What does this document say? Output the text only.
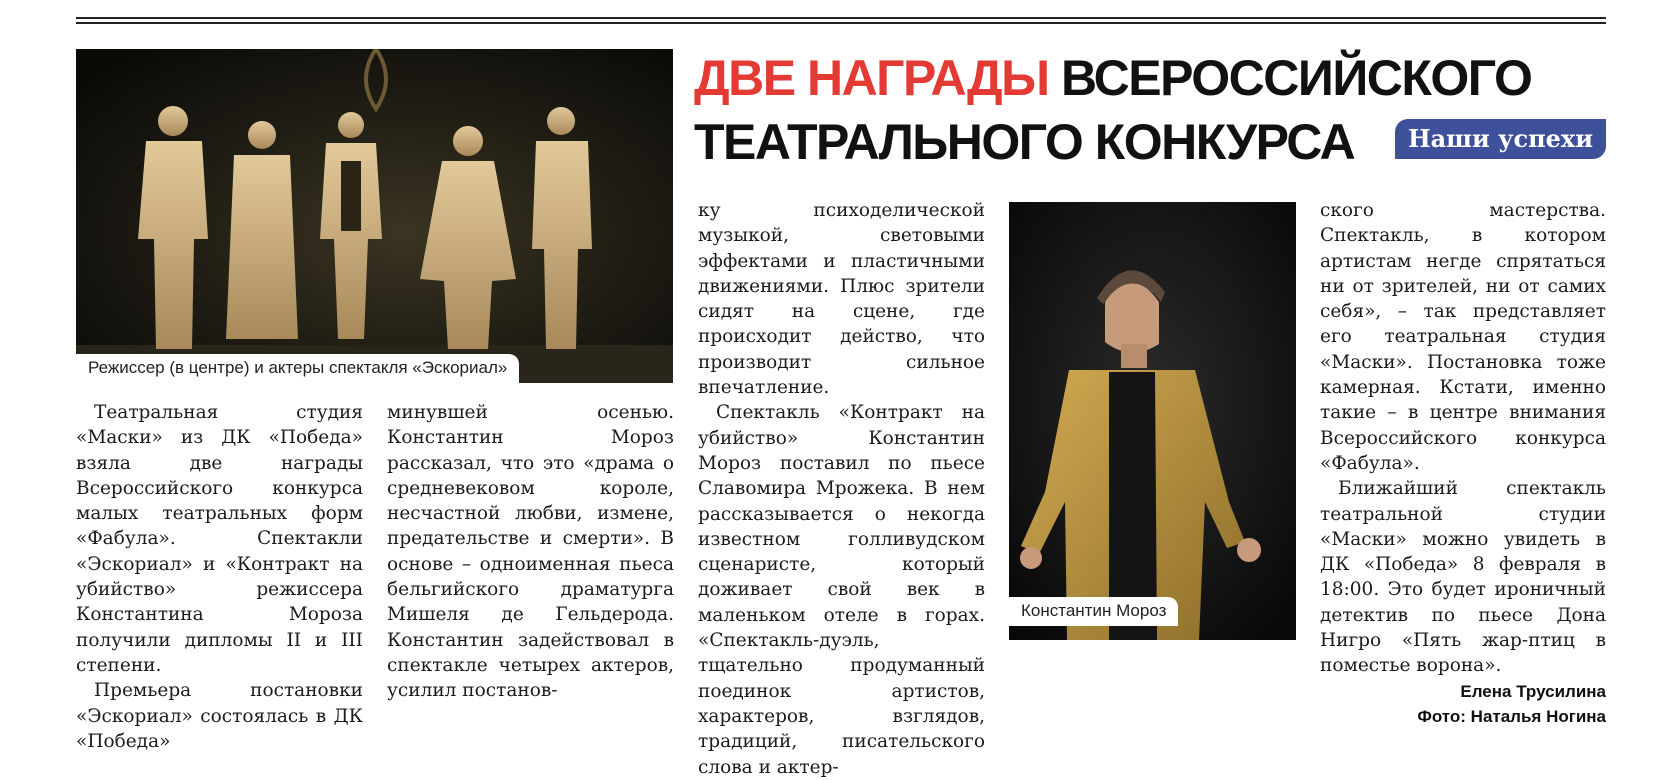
Режиссер (в центре) и актеры спектакля «Эскориал»
ДВЕ НАГРАДЫ ВСЕРОССИЙСКОГО ТЕАТРАЛЬНОГО КОНКУРСА	Наши успехи
Константин Мороз

Театральная студия «Маски» из ДК «Победа» взяла две награды Всероссийского конкурса малых театральных форм «Фабула». Спектакли «Эскориал» и «Контракт на убийство» режиссера Константина Мороза получили дипломы II и III степени.

Премьера постановки «Эскориал» состоялась в ДК «Победа»

минувшей осенью. Константин Мороз рассказал, что это «драма о средневековом короле, несчастной любви, измене, предательстве и смерти». В основе – одноименная пьеса бельгийского драматурга Мишеля де Гельдерода. Константин задействовал в спектакле четырех актеров, усилил постанов-

ку психоделической музыкой, световыми эффектами и пластичными движениями. Плюс зрители сидят на сцене, где происходит действо, что производит сильное впечатление.

Спектакль «Контракт на убийство» Константин Мороз поставил по пьесе Славомира Мрожека. В нем рассказывается о некогда известном голливудском сценаристе, который доживает свой век в маленьком отеле в горах. «Спектакль-дуэль, тщательно продуманный поединок артистов, характеров, взглядов, традиций, писательского слова и актер-

ского мастерства. Спектакль, в котором артистам негде спрятаться ни от зрителей, ни от самих себя», – так представляет его театральная студия «Маски». Постановка тоже камерная. Кстати, именно такие – в центре внимания Всероссийского конкурса «Фабула».

Ближайший спектакль театральной студии «Маски» можно увидеть в ДК «Победа» 8 февраля в 18:00. Это будет ироничный детектив по пьесе Дона Нигро «Пять жар-птиц в поместье ворона».

Елена Трусилина

Фото: Наталья Ногина
